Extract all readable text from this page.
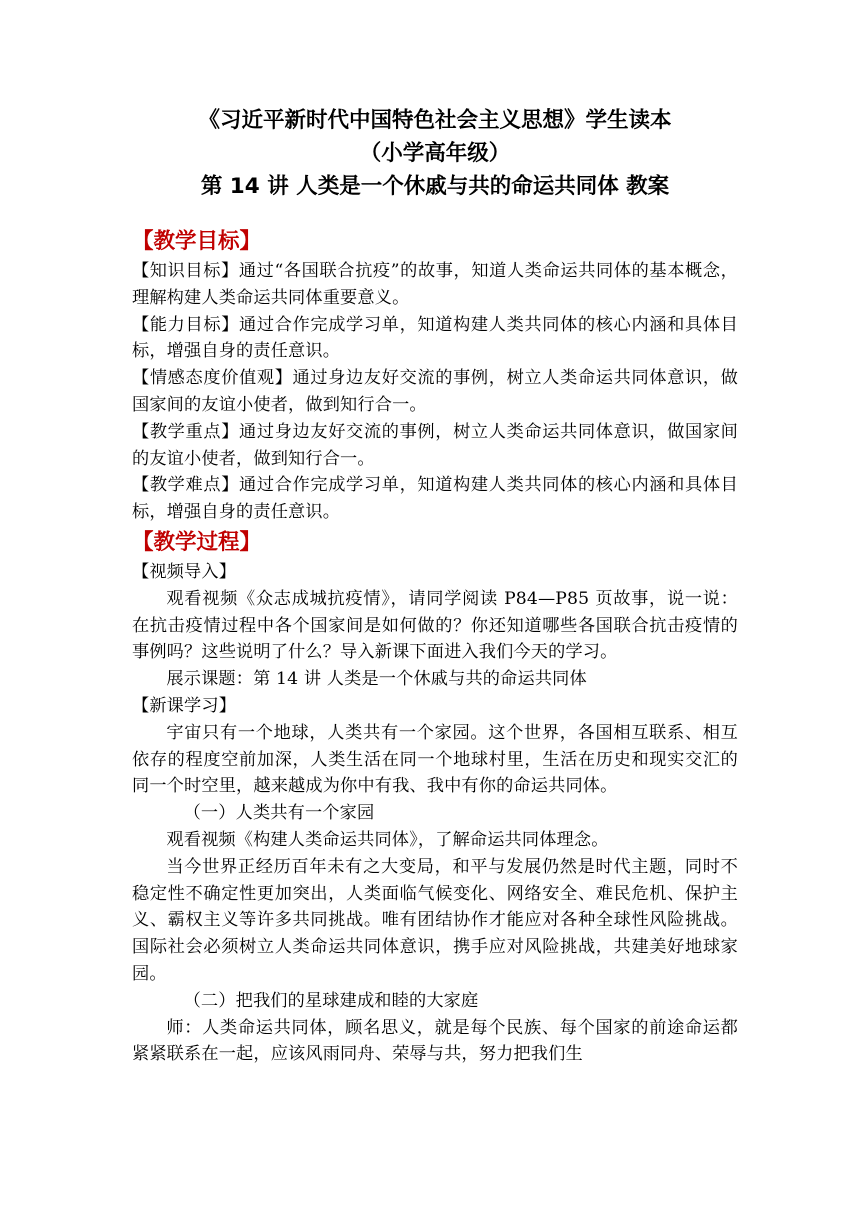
《习近平新时代中国特色社会主义思想》学生读本
（小学高年级）
第 14 讲 人类是一个休戚与共的命运共同体 教案
【教学目标】

【知识目标】通过“各国联合抗疫”的故事，知道人类命运共同体的基本概念，理解构建人类命运共同体重要意义。

【能力目标】通过合作完成学习单，知道构建人类共同体的核心内涵和具体目标，增强自身的责任意识。

【情感态度价值观】通过身边友好交流的事例，树立人类命运共同体意识，做国家间的友谊小使者，做到知行合一。

【教学重点】通过身边友好交流的事例，树立人类命运共同体意识，做国家间的友谊小使者，做到知行合一。

【教学难点】通过合作完成学习单，知道构建人类共同体的核心内涵和具体目标，增强自身的责任意识。

【教学过程】

【视频导入】

观看视频《众志成城抗疫情》，请同学阅读 P84—P85 页故事，说一说：在抗击疫情过程中各个国家间是如何做的？你还知道哪些各国联合抗击疫情的事例吗？这些说明了什么？导入新课下面进入我们今天的学习。

展示课题：第 14 讲 人类是一个休戚与共的命运共同体

【新课学习】

宇宙只有一个地球，人类共有一个家园。这个世界，各国相互联系、相互依存的程度空前加深，人类生活在同一个地球村里，生活在历史和现实交汇的同一个时空里，越来越成为你中有我、我中有你的命运共同体。

（一）人类共有一个家园

观看视频《构建人类命运共同体》，了解命运共同体理念。

当今世界正经历百年未有之大变局，和平与发展仍然是时代主题，同时不稳定性不确定性更加突出，人类面临气候变化、网络安全、难民危机、保护主义、霸权主义等许多共同挑战。唯有团结协作才能应对各种全球性风险挑战。国际社会必须树立人类命运共同体意识，携手应对风险挑战，共建美好地球家园。

（二）把我们的星球建成和睦的大家庭

师：人类命运共同体，顾名思义，就是每个民族、每个国家的前途命运都紧紧联系在一起，应该风雨同舟、荣辱与共，努力把我们生
